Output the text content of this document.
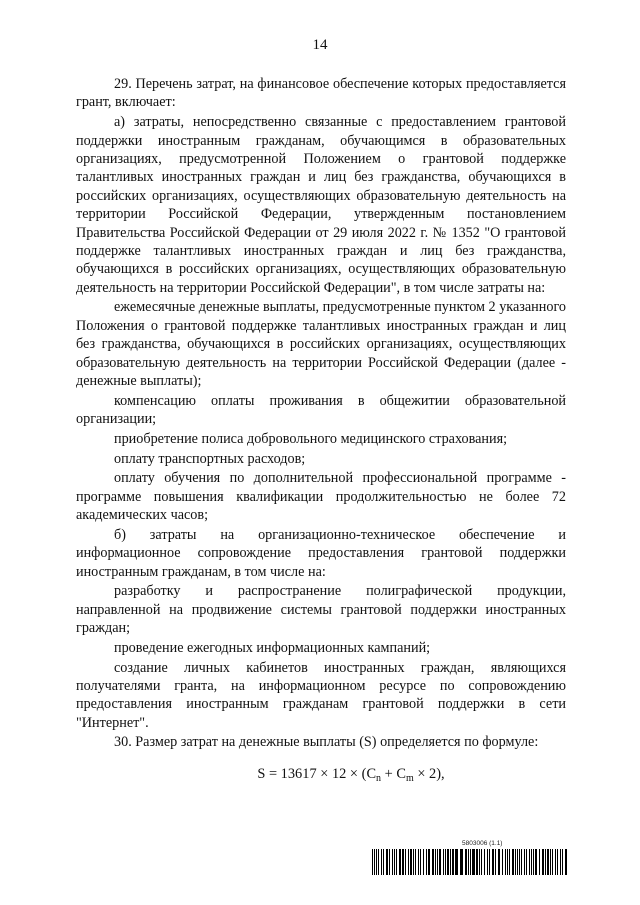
14

29. Перечень затрат, на финансовое обеспечение которых предоставляется грант, включает:

а) затраты, непосредственно связанные с предоставлением грантовой поддержки иностранным гражданам, обучающимся в образовательных организациях, предусмотренной Положением о грантовой поддержке талантливых иностранных граждан и лиц без гражданства, обучающихся в российских организациях, осуществляющих образовательную деятельность на территории Российской Федерации, утвержденным постановлением Правительства Российской Федерации от 29 июля 2022 г. № 1352 "О грантовой поддержке талантливых иностранных граждан и лиц без гражданства, обучающихся в российских организациях, осуществляющих образовательную деятельность на территории Российской Федерации", в том числе затраты на:

ежемесячные денежные выплаты, предусмотренные пунктом 2 указанного Положения о грантовой поддержке талантливых иностранных граждан и лиц без гражданства, обучающихся в российских организациях, осуществляющих образовательную деятельность на территории Российской Федерации (далее - денежные выплаты);

компенсацию оплаты проживания в общежитии образовательной организации;

приобретение полиса добровольного медицинского страхования;

оплату транспортных расходов;

оплату обучения по дополнительной профессиональной программе - программе повышения квалификации продолжительностью не более 72 академических часов;

б) затраты на организационно-техническое обеспечение и информационное сопровождение предоставления грантовой поддержки иностранным гражданам, в том числе на:

разработку и распространение полиграфической продукции, направленной на продвижение системы грантовой поддержки иностранных граждан;

проведение ежегодных информационных кампаний;

создание личных кабинетов иностранных граждан, являющихся получателями гранта, на информационном ресурсе по сопровождению предоставления иностранным гражданам грантовой поддержки в сети "Интернет".

30. Размер затрат на денежные выплаты (S) определяется по формуле:

$S = 13617 \times 12 \times (C_n + C_m \times 2)$,
5803006 (1.1)
